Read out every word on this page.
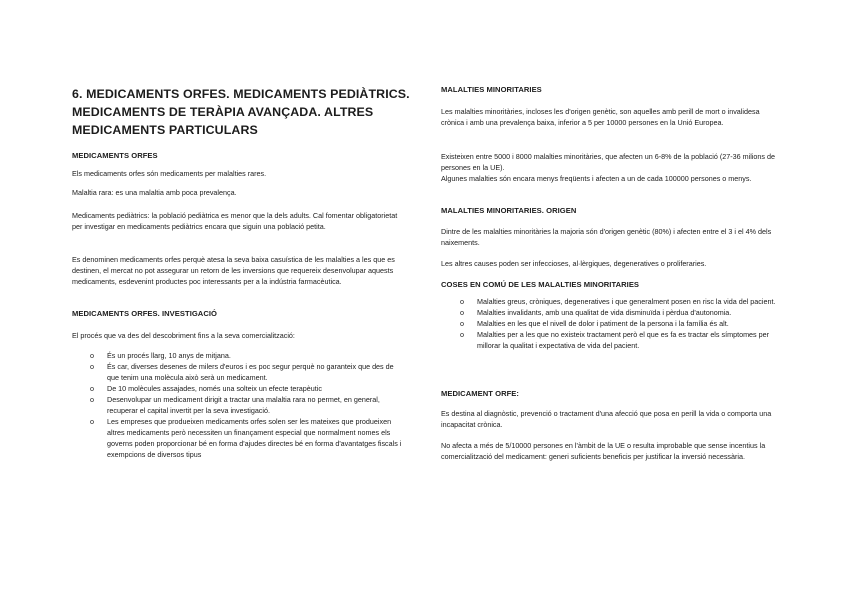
6. MEDICAMENTS ORFES. MEDICAMENTS PEDIÀTRICS. MEDICAMENTS DE TERÀPIA AVANÇADA. ALTRES MEDICAMENTS PARTICULARS
MEDICAMENTS ORFES

Els medicaments orfes són medicaments per malalties rares.

Malaltia rara: es una malaltia amb poca prevalença.

Medicaments pediàtrics: la població pediàtrica es menor que la dels adults. Cal fomentar obligatorietat per investigar en medicaments pediàtrics encara que siguin una població petita.

Es denominen medicaments orfes perquè atesa la seva baixa casuística de les malalties a les que es destinen, el mercat no pot assegurar un retorn de les inversions que requereix desenvolupar aquests medicaments, esdevenint productes poc interessants per a la indústria farmacèutica.

MEDICAMENTS ORFES. INVESTIGACIÓ

El procés que va des del descobriment fins a la seva comercialització:

o És un procés llarg, 10 anys de mitjana.
o És car, diverses desenes de milers d'euros i es poc segur perquè no garanteix que des de que tenim una molècula això serà un medicament.
o De 10 molècules assajades, només una solteix un efecte terapèutic
o Desenvolupar un medicament dirigit a tractar una malaltia rara no permet, en general, recuperar el capital invertit per la seva investigació.
o Les empreses que produeixen medicaments orfes solen ser les mateixes que produeixen altres medicaments però necessiten un finançament especial que normalment nomes els governs poden proporcionar bé en forma d'ajudes directes bé en forma d'avantatges fiscals i exempcions de diversos tipus
MALALTIES MINORITARIES

Les malalties minoritàries, incloses les d'origen genètic, son aquelles amb perill de mort o invalidesa crònica i amb una prevalença baixa, inferior a 5 per 10000 persones en la Unió Europea.

Existeixen entre 5000 i 8000 malalties minoritàries, que afecten un 6-8% de la població (27-36 milions de persones en la UE).

Algunes malalties són encara menys freqüents i afecten a un de cada 100000 persones o menys.

MALALTIES MINORITARIES. ORIGEN

Dintre de les malalties minoritàries la majoria són d'origen genètic (80%) i afecten entre el 3 i el 4% dels naixements.

Les altres causes poden ser infeccioses, al·lèrgiques, degeneratives o proliferaries.

COSES EN COMÚ DE LES MALALTIES MINORITARIES
o Malalties greus, cròniques, degeneratives i que generalment posen en risc la vida del pacient.
o Malalties invalidants, amb una qualitat de vida disminuïda i pèrdua d'autonomia.
o Malalties en les que el nivell de dolor i patiment de la persona i la família és alt.
o Malalties per a les que no existeix tractament però el que es fa es tractar els símptomes per millorar la qualitat i expectativa de vida del pacient.
MEDICAMENT ORFE:

Es destina al diagnòstic, prevenció o tractament d'una afecció que posa en perill la vida o comporta una incapacitat crònica.

No afecta a més de 5/10000 persones en l'àmbit de la UE o resulta improbable que sense incentius la comercialització del medicament: generi suficients beneficis per justificar la inversió necessària.
